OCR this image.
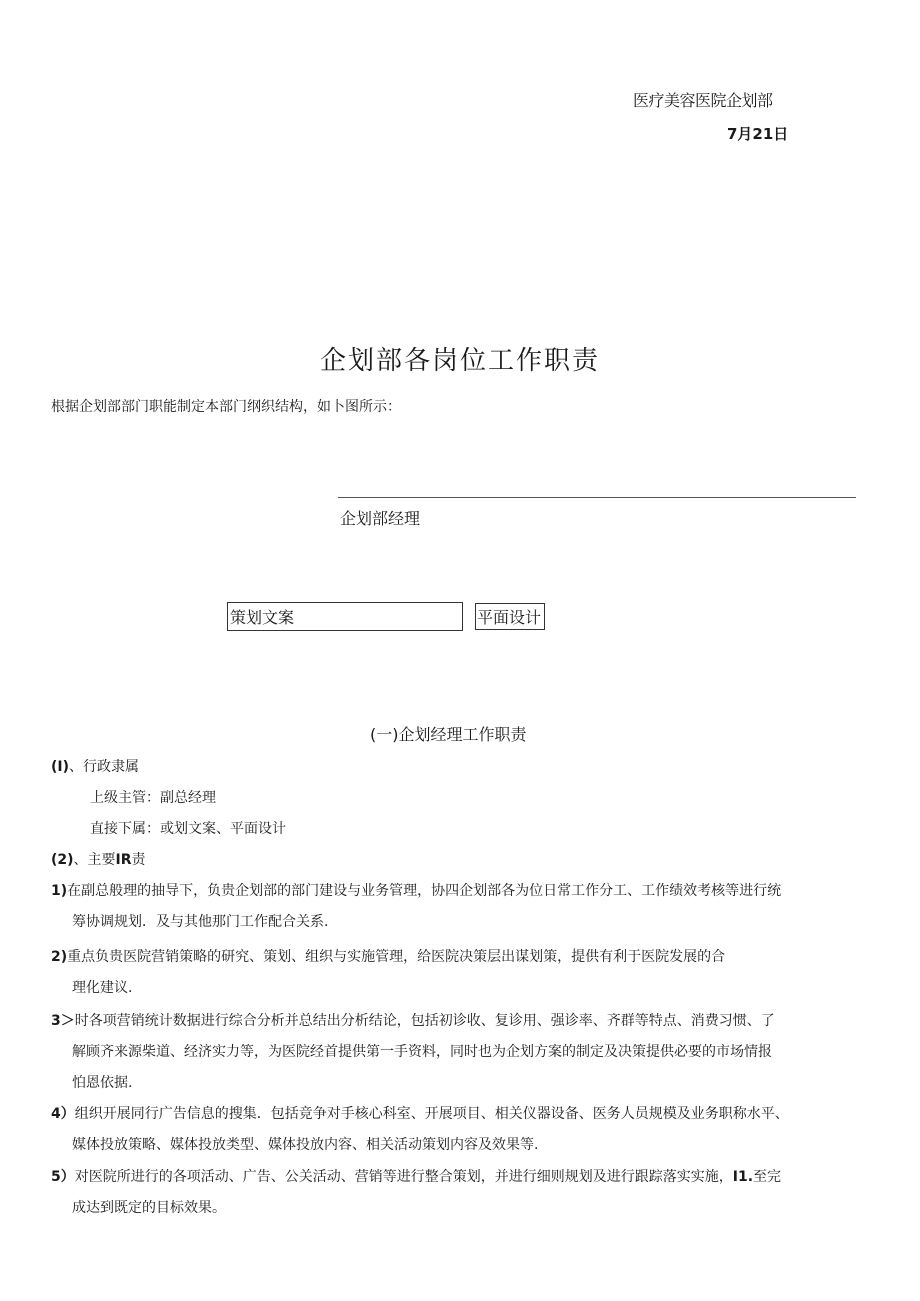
医疗美容医院企划部
7月21日
企划部各岗位工作职责
根据企划部部门职能制定本部门纲织结构，如卜图所示：
企划部经理
策划文案	平面设计
(一)企划经理工作职责
(I)、行政隶属
上级主管：副总经理
直接下属：或划文案、平面设计
(2)、主要IR责
1)在副总般理的抽导下，负贵企划部的部门建设与业务管理，协四企划部各为位日常工作分工、工作绩效考核等进行统
筹协调规划．及与其他那门工作配合关系.
2)重点负贵医院营销策略的研究、策划、组织与实施管理，给医院决策层出谋划策，提供有利于医院发展的合
理化建议.
3＞时各项营销统计数据进行综合分析并总结出分析结论，包括初诊收、复诊用、强诊率、齐群等特点、消费习惯、了
解顾齐来源柴道、经济实力等，为医院经首提供第一手资料，同时也为企划方案的制定及决策提供必要的市场情报
怕恩依据.
4）组织开展同行广告信息的搜集．包括竞争对手核心科室、开展项目、相关仪器设备、医务人员规模及业务职称水平、
媒体投放策略、媒体投放类型、媒体投放内容、相关活动策划内容及效果等.
5）对医院所进行的各项活动、广告、公关活动、营销等进行整合策划，并进行细则规划及进行跟踪落实实施，I1.至完
成达到既定的目标效果。
